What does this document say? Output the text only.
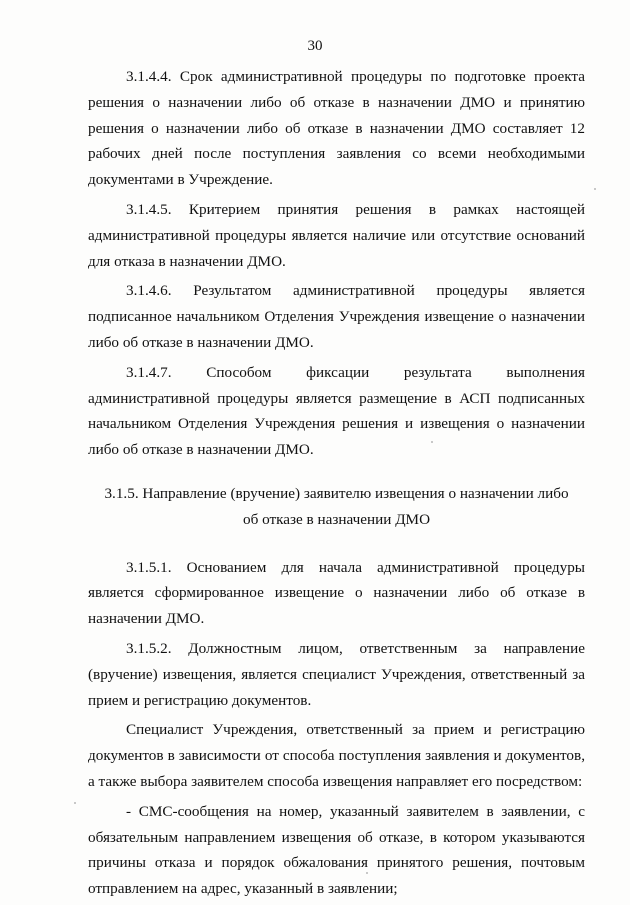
30

3.1.4.4. Срок административной процедуры по подготовке проекта решения о назначении либо об отказе в назначении ДМО и принятию решения о назначении либо об отказе в назначении ДМО составляет 12 рабочих дней после поступления заявления со всеми необходимыми документами в Учреждение.

3.1.4.5. Критерием принятия решения в рамках настоящей административной процедуры является наличие или отсутствие оснований для отказа в назначении ДМО.

3.1.4.6. Результатом административной процедуры является подписанное начальником Отделения Учреждения извещение о назначении либо об отказе в назначении ДМО.

3.1.4.7. Способом фиксации результата выполнения административной процедуры является размещение в АСП подписанных начальником Отделения Учреждения решения и извещения о назначении либо об отказе в назначении ДМО.

3.1.5. Направление (вручение) заявителю извещения о назначении либо
об отказе в назначении ДМО

3.1.5.1. Основанием для начала административной процедуры является сформированное извещение о назначении либо об отказе в назначении ДМО.

3.1.5.2. Должностным лицом, ответственным за направление (вручение) извещения, является специалист Учреждения, ответственный за прием и регистрацию документов.

Специалист Учреждения, ответственный за прием и регистрацию документов в зависимости от способа поступления заявления и документов, а также выбора заявителем способа извещения направляет его посредством:

- СМС-сообщения на номер, указанный заявителем в заявлении, с обязательным направлением извещения об отказе, в котором указываются причины отказа и порядок обжалования принятого решения, почтовым отправлением на адрес, указанный в заявлении;
